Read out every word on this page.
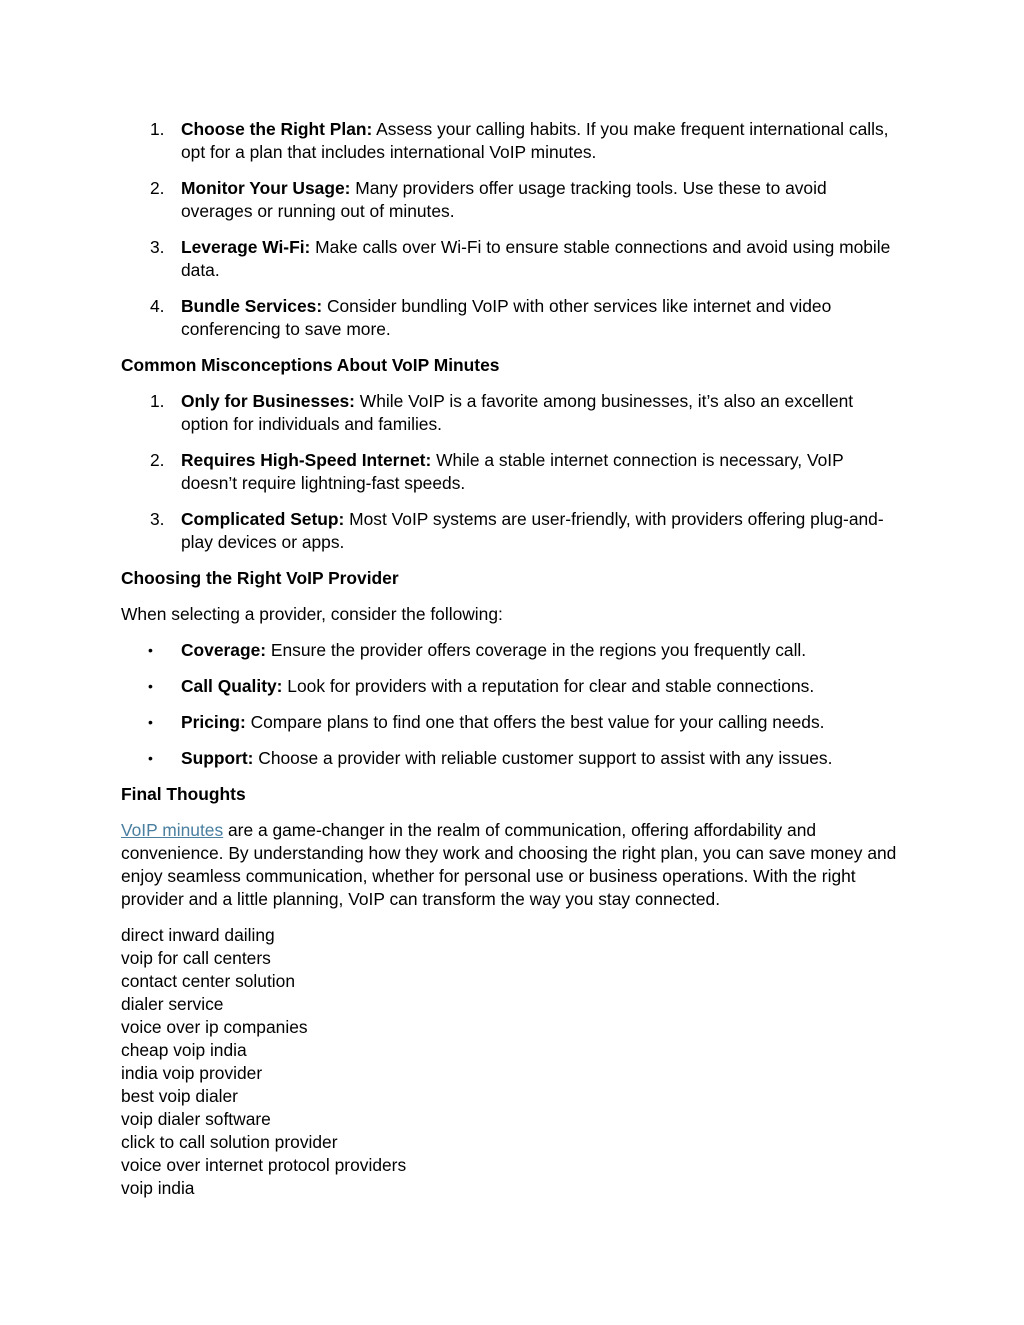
1. Choose the Right Plan: Assess your calling habits. If you make frequent international calls, opt for a plan that includes international VoIP minutes.
2. Monitor Your Usage: Many providers offer usage tracking tools. Use these to avoid overages or running out of minutes.
3. Leverage Wi-Fi: Make calls over Wi-Fi to ensure stable connections and avoid using mobile data.
4. Bundle Services: Consider bundling VoIP with other services like internet and video conferencing to save more.
Common Misconceptions About VoIP Minutes
1. Only for Businesses: While VoIP is a favorite among businesses, it’s also an excellent option for individuals and families.
2. Requires High-Speed Internet: While a stable internet connection is necessary, VoIP doesn’t require lightning-fast speeds.
3. Complicated Setup: Most VoIP systems are user-friendly, with providers offering plug-and-play devices or apps.
Choosing the Right VoIP Provider

When selecting a provider, consider the following:

• Coverage: Ensure the provider offers coverage in the regions you frequently call.
• Call Quality: Look for providers with a reputation for clear and stable connections.
• Pricing: Compare plans to find one that offers the best value for your calling needs.
• Support: Choose a provider with reliable customer support to assist with any issues.
Final Thoughts

VoIP minutes are a game-changer in the realm of communication, offering affordability and convenience. By understanding how they work and choosing the right plan, you can save money and enjoy seamless communication, whether for personal use or business operations. With the right provider and a little planning, VoIP can transform the way you stay connected.

direct inward dailing
voip for call centers
contact center solution
dialer service
voice over ip companies
cheap voip india
india voip provider
best voip dialer
voip dialer software
click to call solution provider
voice over internet protocol providers
voip india
